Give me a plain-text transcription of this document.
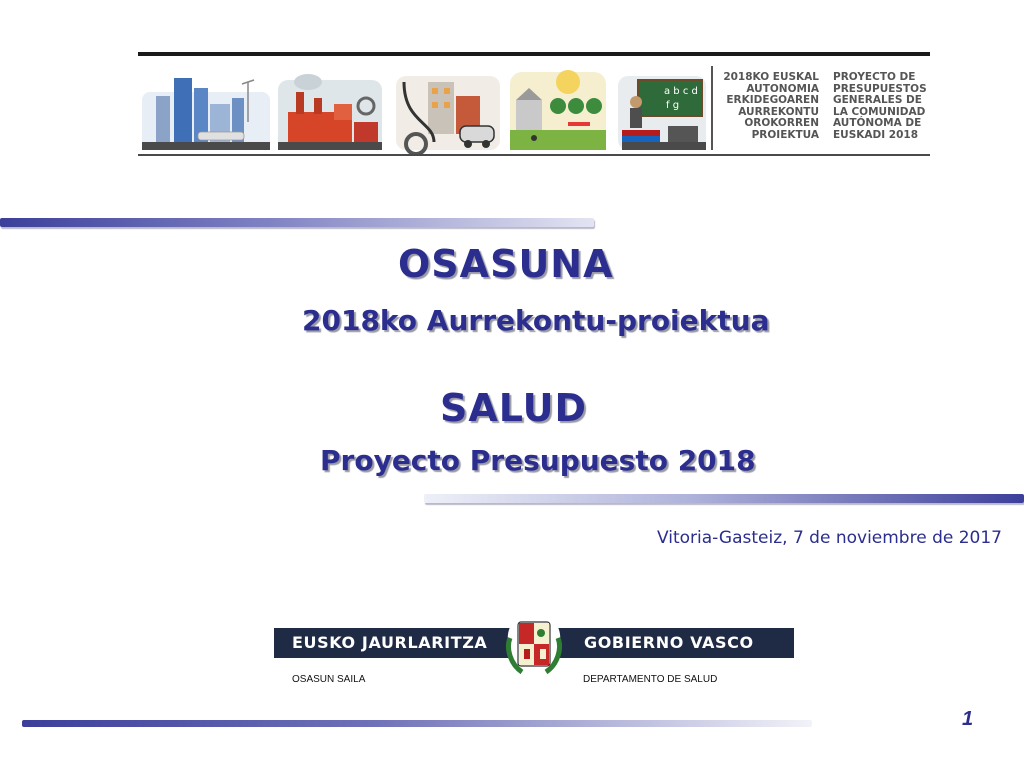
a b c d
f g
2018KO EUSKAL
AUTONOMIA
ERKIDEGOAREN
AURREKONTU
OROKORREN
PROIEKTUA
PROYECTO DE
PRESUPUESTOS
GENERALES DE
LA COMUNIDAD
AUTÓNOMA DE
EUSKADI 2018
OSASUNA
2018ko Aurrekontu-proiektua
SALUD
Proyecto Presupuesto 2018
Vitoria-Gasteiz, 7 de noviembre de 2017
EUSKO JAURLARITZA	GOBIERNO VASCO
OSASUN SAILA	DEPARTAMENTO DE SALUD
1
